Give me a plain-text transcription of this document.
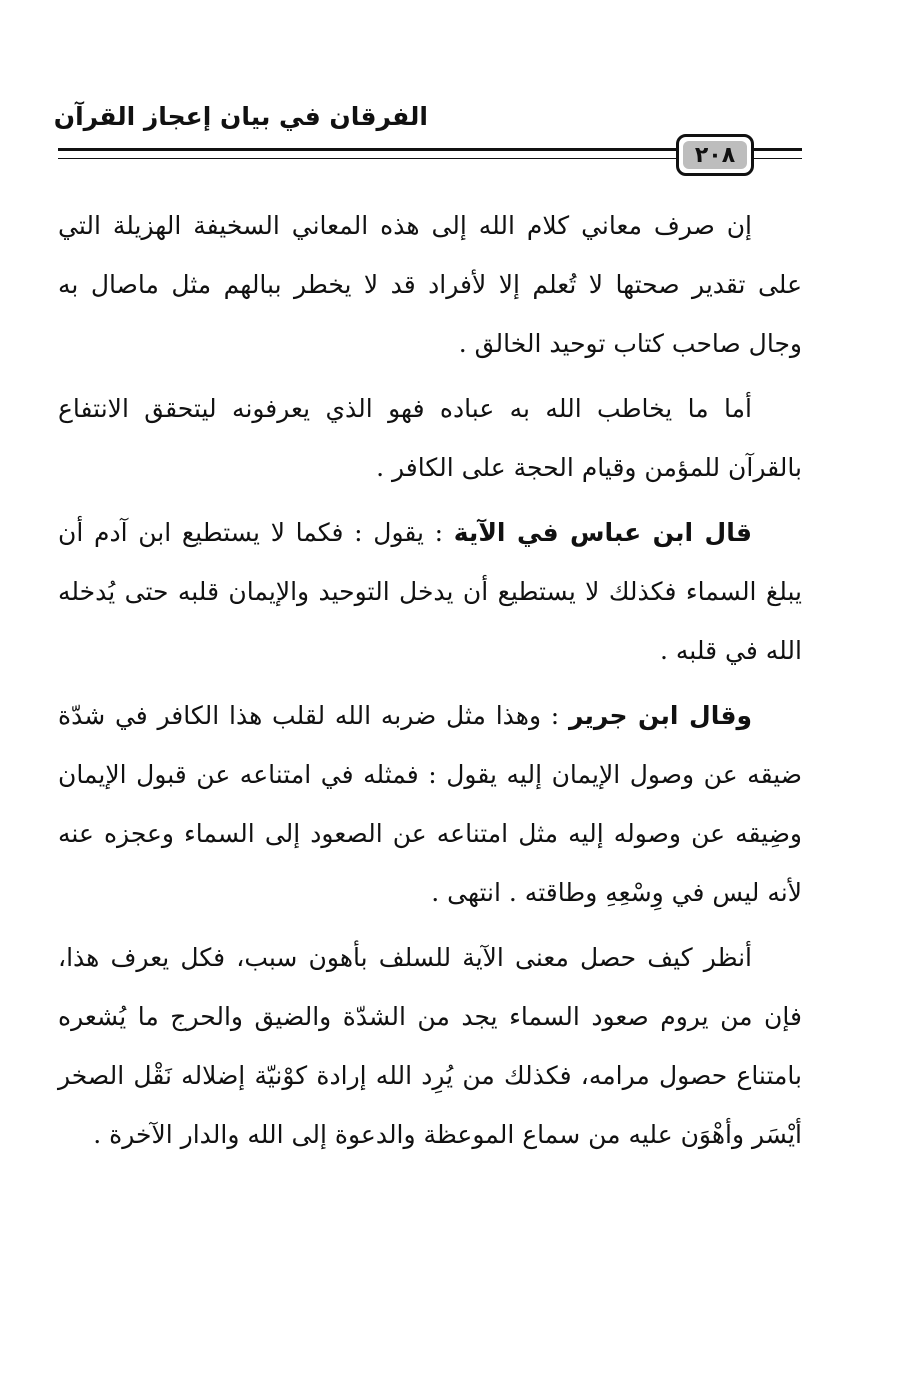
الفرقان في بيان إعجاز القرآن
٢٠٨

إن صرف معاني كلام الله إلى هذه المعاني السخيفة الهزيلة التي على تقدير صحتها لا تُعلم إلا لأفراد قد لا يخطر ببالهم مثل ماصال به وجال صاحب كتاب توحيد الخالق .

أما ما يخاطب الله به عباده فهو الذي يعرفونه ليتحقق الانتفاع بالقرآن للمؤمن وقيام الحجة على الكافر .

قال ابن عباس في الآية : يقول : فكما لا يستطيع ابن آدم أن يبلغ السماء فكذلك لا يستطيع أن يدخل التوحيد والإيمان قلبه حتى يُدخله الله في قلبه .

وقال ابن جرير : وهذا مثل ضربه الله لقلب هذا الكافر في شدّة ضيقه عن وصول الإيمان إليه يقول : فمثله في امتناعه عن قبول الإيمان وضِيقه عن وصوله إليه مثل امتناعه عن الصعود إلى السماء وعجزه عنه لأنه ليس في وِسْعِهِ وطاقته . انتهى .

أنظر كيف حصل معنى الآية للسلف بأهون سبب، فكل يعرف هذا، فإن من يروم صعود السماء يجد من الشدّة والضيق والحرج ما يُشعره بامتناع حصول مرامه، فكذلك من يُرِد الله إرادة كوْنيّة إضلاله نَقْل الصخر أيْسَر وأهْوَن عليه من سماع الموعظة والدعوة إلى الله والدار الآخرة .
